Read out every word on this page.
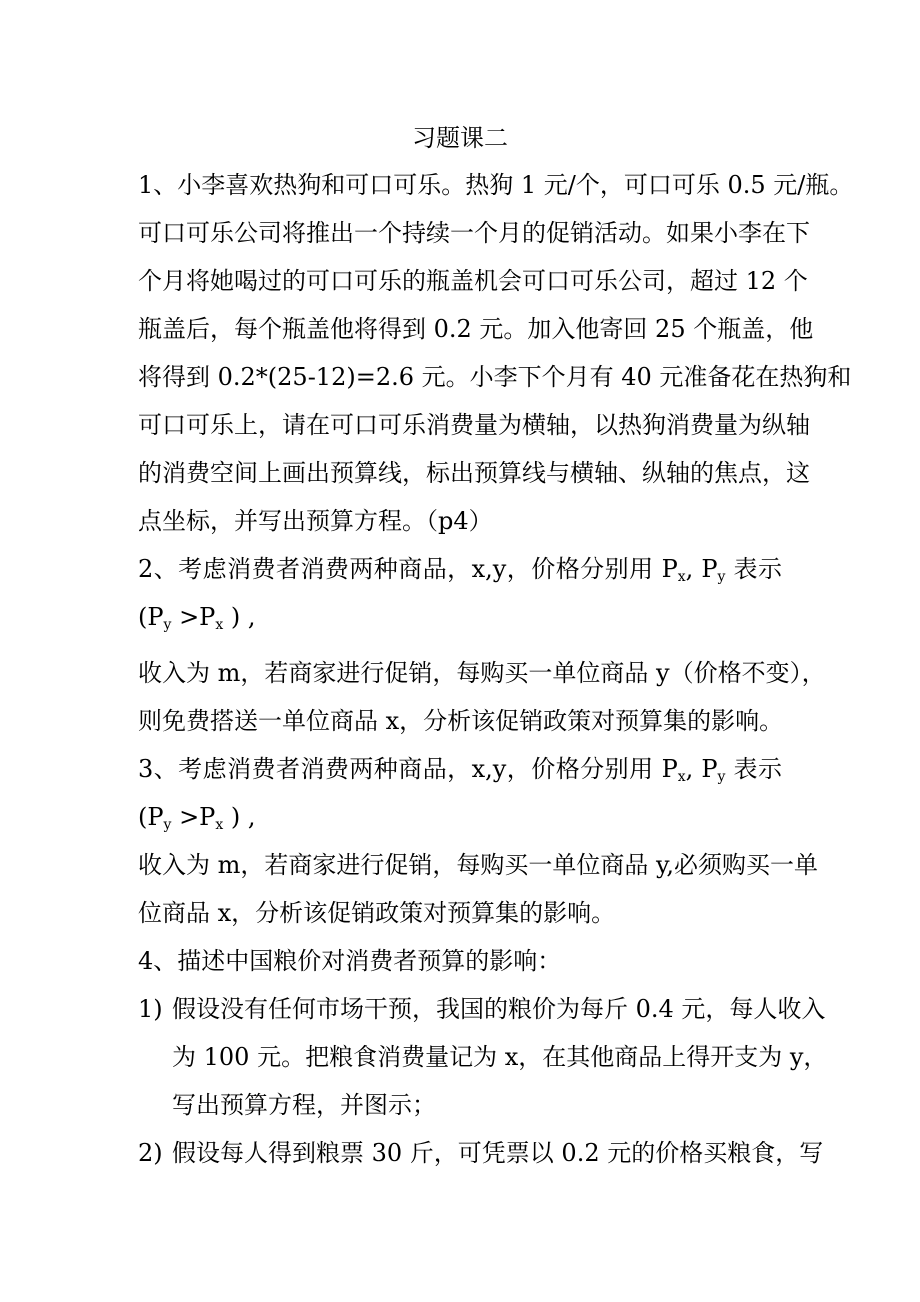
习题课二
1、小李喜欢热狗和可口可乐。热狗 1 元/个，可口可乐 0.5 元/瓶。
可口可乐公司将推出一个持续一个月的促销活动。如果小李在下
个月将她喝过的可口可乐的瓶盖机会可口可乐公司，超过 12 个
瓶盖后，每个瓶盖他将得到 0.2 元。加入他寄回 25 个瓶盖，他
将得到 0.2*(25-12)=2.6 元。小李下个月有 40 元准备花在热狗和
可口可乐上，请在可口可乐消费量为横轴，以热狗消费量为纵轴
的消费空间上画出预算线，标出预算线与横轴、纵轴的焦点，这
点坐标，并写出预算方程。（p4）
2、考虑消费者消费两种商品，x,y，价格分别用 $P_x$, $P_y$ 表示
($P_y >P_x$ ) ,
收入为 m，若商家进行促销，每购买一单位商品 y（价格不变），
则免费搭送一单位商品 x，分析该促销政策对预算集的影响。
3、考虑消费者消费两种商品，x,y，价格分别用 $P_x$, $P_y$ 表示
($P_y >P_x$ ) ,
收入为 m，若商家进行促销，每购买一单位商品 y,必须购买一单
位商品 x，分析该促销政策对预算集的影响。
4、描述中国粮价对消费者预算的影响：
1) 假设没有任何市场干预，我国的粮价为每斤 0.4 元，每人收入
为 100 元。把粮食消费量记为 x，在其他商品上得开支为 y，
写出预算方程，并图示；
2) 假设每人得到粮票 30 斤，可凭票以 0.2 元的价格买粮食，写
